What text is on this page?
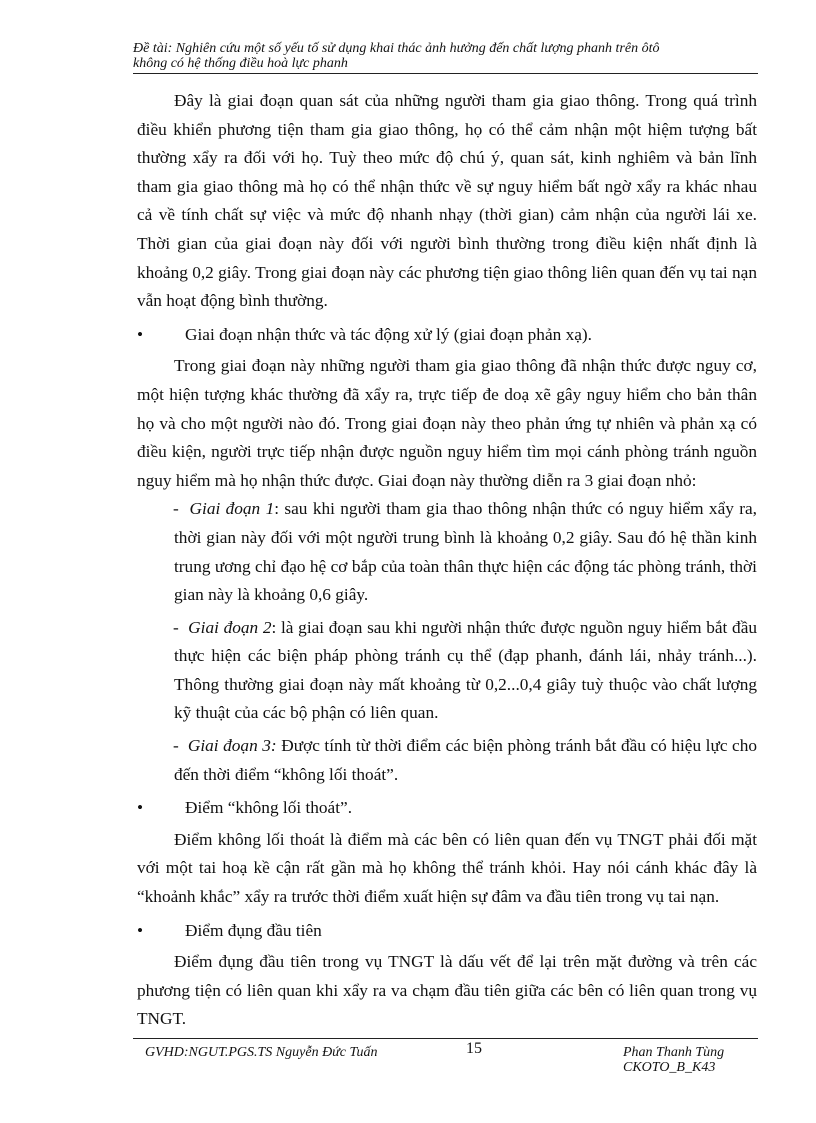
Đề tài: Nghiên cứu một số yếu tố sử dụng khai thác ảnh hưởng đến chất lượng phanh trên ôtô
không có hệ thống điều hoà lực phanh

Đây là giai đoạn quan sát của những người tham gia giao thông. Trong quá trình điều khiển phương tiện tham gia giao thông, họ có thể cảm nhận một hiệm tượng bất thường xẩy ra đối với họ. Tuỳ theo mức độ chú ý, quan sát, kinh nghiêm và bản lĩnh tham gia giao thông mà họ có thể nhận thức về sự nguy hiểm bất ngờ xẩy ra khác nhau cả về tính chất sự việc và mức độ nhanh nhạy (thời gian) cảm nhận của người lái xe. Thời gian của giai đoạn này đối với người bình thường trong điều kiện nhất định là khoảng 0,2 giây. Trong giai đoạn này các phương tiện giao thông liên quan đến vụ tai nạn vẫn hoạt động bình thường.

• Giai đoạn nhận thức và tác động xử lý (giai đoạn phản xạ).

Trong giai đoạn này những người tham gia giao thông đã nhận thức được nguy cơ, một hiện tượng khác thường đã xẩy ra, trực tiếp đe doạ xẽ gây nguy hiểm cho bản thân họ và cho một người nào đó. Trong giai đoạn này theo phản ứng tự nhiên và phản xạ có điều kiện, người trực tiếp nhận được nguồn nguy hiểm tìm mọi cánh phòng tránh nguồn nguy hiểm mà họ nhận thức được. Giai đoạn này thường diễn ra 3 giai đoạn nhỏ:

- Giai đoạn 1: sau khi người tham gia thao thông nhận thức có nguy hiểm xẩy ra, thời gian này đối với một người trung bình là khoảng 0,2 giây. Sau đó hệ thần kinh trung ương chỉ đạo hệ cơ bắp của toàn thân thực hiện các động tác phòng tránh, thời gian này là khoảng 0,6 giây.

- Giai đoạn 2: là giai đoạn sau khi người nhận thức được nguồn nguy hiểm bắt đầu thực hiện các biện pháp phòng tránh cụ thể (đạp phanh, đánh lái, nhảy tránh...). Thông thường giai đoạn này mất khoảng từ 0,2...0,4 giây tuỳ thuộc vào chất lượng kỹ thuật của các bộ phận có liên quan.

- Giai đoạn 3: Được tính từ thời điểm các biện phòng tránh bắt đầu có hiệu lực cho đến thời điểm “không lối thoát”.

• Điểm “không lối thoát”.

Điểm không lối thoát là điểm mà các bên có liên quan đến vụ TNGT phải đối mặt với một tai hoạ kề cận rất gần mà họ không thể tránh khỏi. Hay nói cánh khác đây là “khoảnh khắc” xẩy ra trước thời điểm xuất hiện sự đâm va đầu tiên trong vụ tai nạn.

• Điểm đụng đầu tiên

Điểm đụng đầu tiên trong vụ TNGT là dấu vết để lại trên mặt đường và trên các phương tiện có liên quan khi xẩy ra va chạm đầu tiên giữa các bên có liên quan trong vụ TNGT.

GVHD:NGUT.PGS.TS Nguyễn Đức Tuấn	15	Phan Thanh Tùng
CKOTO_B_K43
